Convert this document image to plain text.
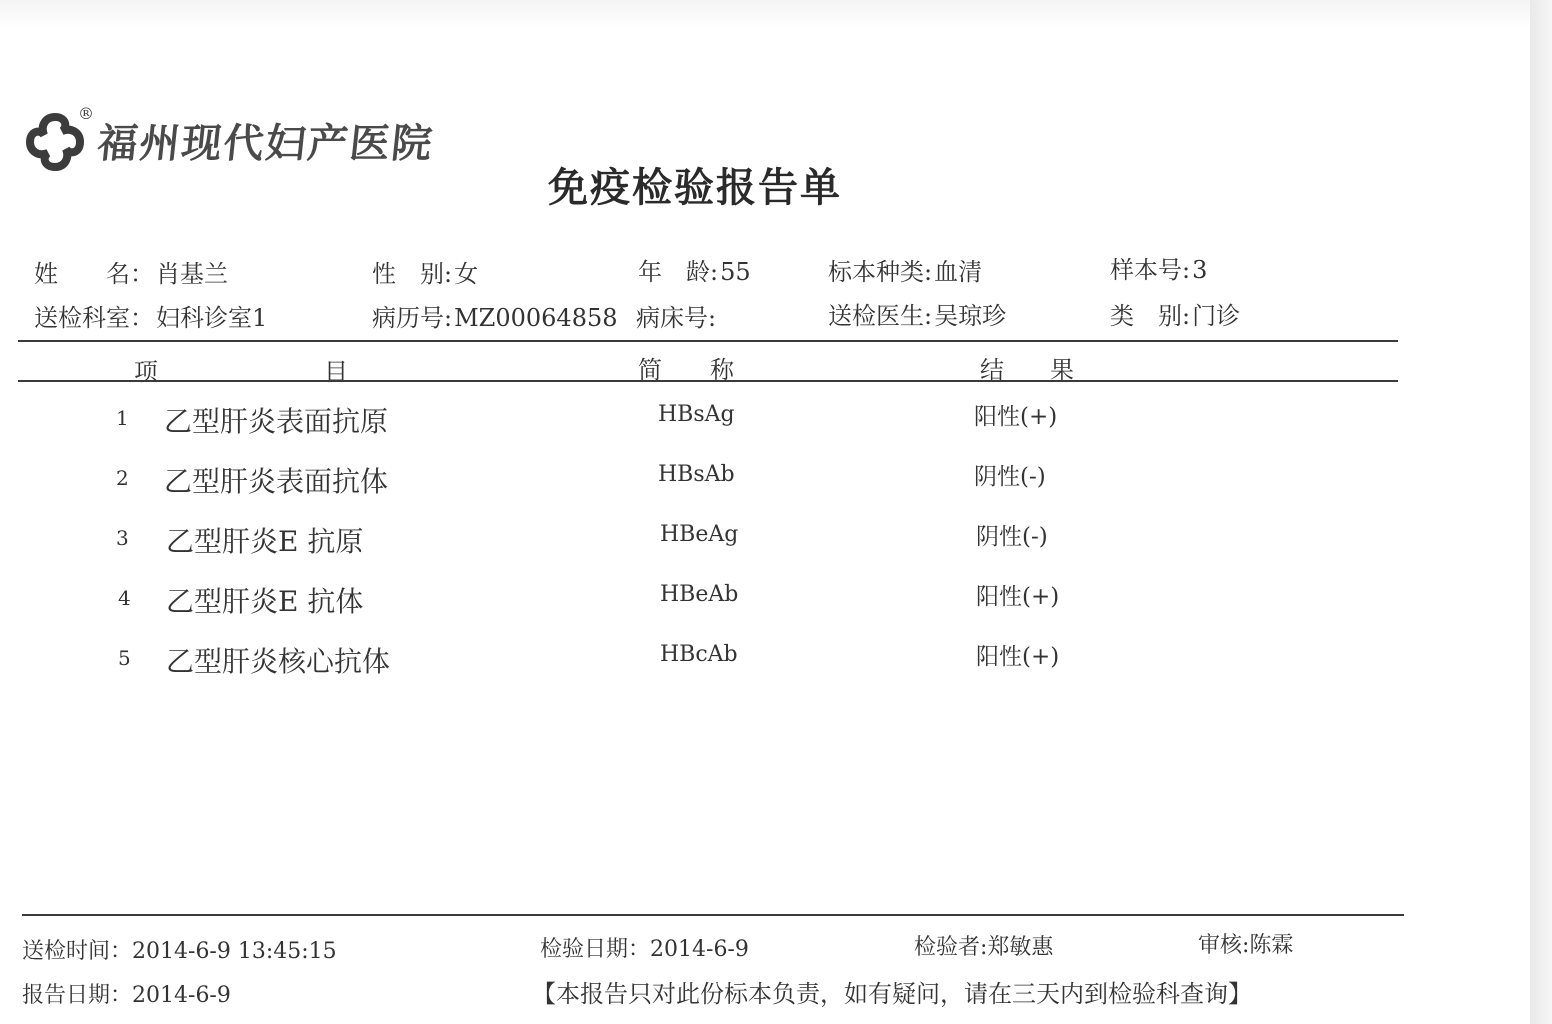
®
福州现代妇产医院
免疫检验报告单
姓　　名：肖基兰	性　别:女	年　龄:55	标本种类:血清	样本号:3
送检科室：妇科诊室1	病历号:MZ00064858 病床号:	送检医生:吴琼珍	类　别:门诊
项	目	简 称	结 果
1 乙型肝炎表面抗原	HBsAg	阳性(+)
2 乙型肝炎表面抗体	HBsAb	阴性(-)
3 乙型肝炎E 抗原	HBeAg	阴性(-)
4 乙型肝炎E 抗体	HBeAb	阳性(+)
5 乙型肝炎核心抗体	HBcAb	阳性(+)
送检时间：2014-6-9 13:45:15	检验日期：2014-6-9	检验者:郑敏惠	审核:陈霖
报告日期：2014-6-9	【本报告只对此份标本负责，如有疑问，请在三天内到检验科查询】
